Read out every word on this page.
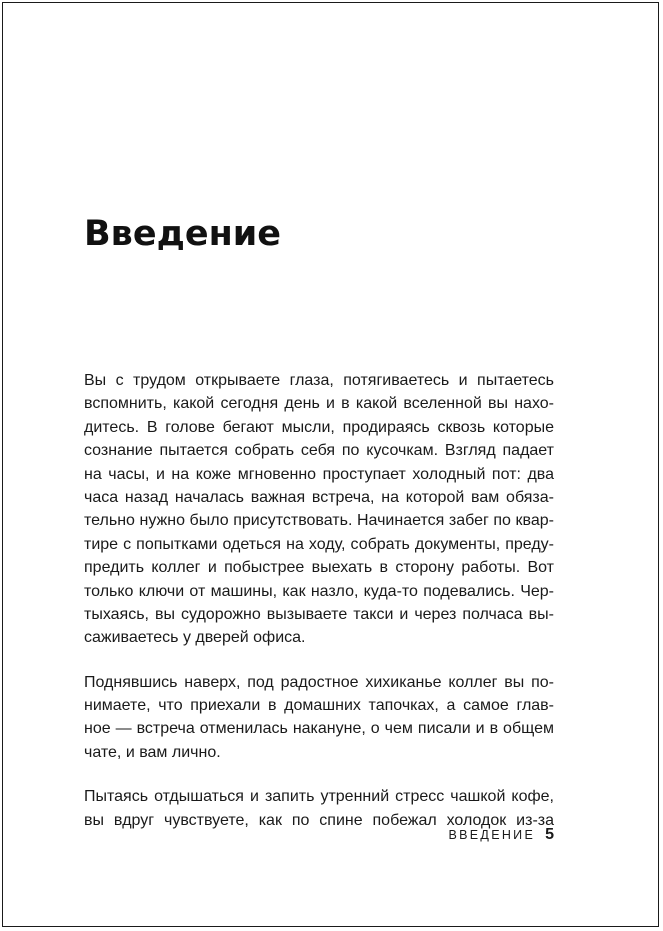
Введение

Вы с трудом открываете глаза, потягиваетесь и пытаетесь
вспомнить, какой сегодня день и в какой вселенной вы нахо-
дитесь. В голове бегают мысли, продираясь сквозь которые
сознание пытается собрать себя по кусочкам. Взгляд падает
на часы, и на коже мгновенно проступает холодный пот: два
часа назад началась важная встреча, на которой вам обяза-
тельно нужно было присутствовать. Начинается забег по квар-
тире с попытками одеться на ходу, собрать документы, преду-
предить коллег и побыстрее выехать в сторону работы. Вот
только ключи от машины, как назло, куда-то подевались. Чер-
тыхаясь, вы судорожно вызываете такси и через полчаса вы-
саживаетесь у дверей офиса.

Поднявшись наверх, под радостное хихиканье коллег вы по-
нимаете, что приехали в домашних тапочках, а самое глав-
ное — встреча отменилась накануне, о чем писали и в общем
чате, и вам лично.

Пытаясь отдышаться и запить утренний стресс чашкой кофе,
вы вдруг чувствуете, как по спине побежал холодок из-за

ВВЕДЕНИЕ 5
